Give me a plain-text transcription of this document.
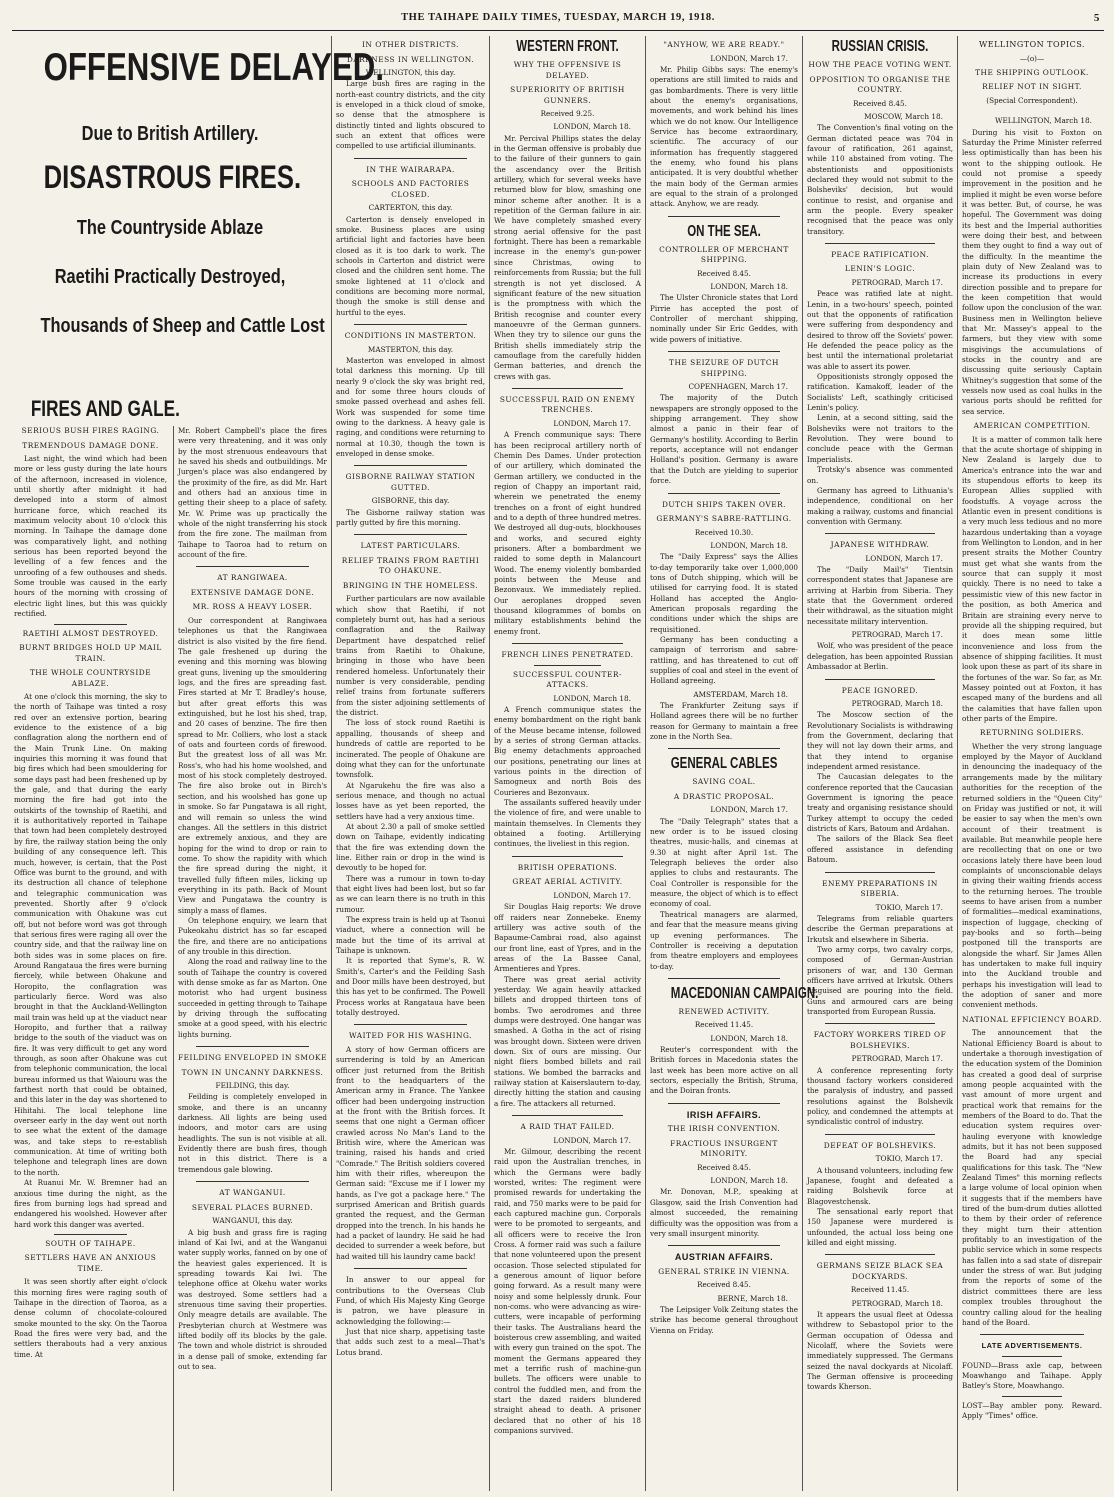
THE TAIHAPE DAILY TIMES, TUESDAY, MARCH 19, 1918.	5
OFFENSIVE DELAYED.
Due to British Artillery.
DISASTROUS FIRES.
The Countryside Ablaze
Raetihi Practically Destroyed,
Thousands of Sheep and Cattle Lost
FIRES AND GALE.
SERIOUS BUSH FIRES RAGING.
TREMENDOUS DAMAGE DONE.

Last night, the wind which had been more or less gusty during the late hours of the afternoon, increased in violence, until shortly after midnight it had developed into a storm of almost hurricane force, which reached its maximum velocity about 10 o'clock this morning. In Taihape the damage done was comparatively light, and nothing serious has been reported beyond the levelling of a few fences and the unroofing of a few outhouses and sheds. Some trouble was caused in the early hours of the morning with crossing of electric light lines, but this was quickly rectified.

RAETIHI ALMOST DESTROYED.
BURNT BRIDGES HOLD UP MAIL TRAIN.
THE WHOLE COUNTRYSIDE ABLAZE.

At one o'clock this morning, the sky to the north of Taihape was tinted a rosy red over an extensive portion, bearing evidence to the existence of a big conflagration along the northern end of the Main Trunk Line. On making inquiries this morning it was found that big fires which had been smouldering for some days past had been freshened up by the gale, and that during the early morning the fire had got into the outskirts of the township of Raetihi, and it is authoritatively reported in Taihape that town had been completely destroyed by fire, the railway station being the only building of any consequence left. This much, however, is certain, that the Post Office was burnt to the ground, and with its destruction all chance of telephone and telegraphic communication was prevented. Shortly after 9 o'clock communication with Ohakune was cut off, but not before word was got through that serious fires were raging all over the country side, and that the railway line on both sides was in some places on fire. Around Rangataua the fires were burning fiercely, while between Ohakune and Horopito, the conflagration was particularly fierce. Word was also brought in that the Auckland-Wellington mail train was held up at the viaduct near Horopito, and further that a railway bridge to the south of the viaduct was on fire. It was very difficult to get any word through, as soon after Ohakune was cut from telephonic communication, the local bureau informed us that Waiouru was the farthest north that could be obtained, and this later in the day was shortened to Hihitahi. The local telephone line overseer early in the day went out north to see what the extent of the damage was, and take steps to re-establish communication. At time of writing both telephone and telegraph lines are down to the north.

At Ruanui Mr. W. Bremner had an anxious time during the night, as the fires from burning logs had spread and endangered his woolshed. However after hard work this danger was averted.

SOUTH OF TAIHAPE.
SETTLERS HAVE AN ANXIOUS TIME.

It was seen shortly after eight o'clock this morning fires were raging south of Taihape in the direction of Taoroa, as a dense column of chocolate-coloured smoke mounted to the sky. On the Taoroa Road the fires were very bad, and the settlers therabouts had a very anxious time. At

Mr. Robert Campbell's place the fires were very threatening, and it was only by the most strenuous endeavours that he saved his sheds and outbuildings. Mr Jurgen's place was also endangered by the proximity of the fire, as did Mr. Hart and others had an anxious time in getting their sheep to a place of safety. Mr. W. Prime was up practically the whole of the night transferring his stock from the fire zone. The mailman from Taihape to Taoroa had to return on account of the fire.

AT RANGIWAEA.
EXTENSIVE DAMAGE DONE.
MR. ROSS A HEAVY LOSER.

Our correspondent at Rangiwaea telephones us that the Rangiwaea district is also visited by the fire fiend. The gale freshened up during the evening and this morning was blowing great guns, livening up the smouldering logs, and the fires are spreading fast. Fires started at Mr T. Bradley's house, but after great efforts this was extinguished, but he lost his shed, trap, and 20 cases of benzine. The fire then spread to Mr. Colliers, who lost a stack of oats and fourteen cords of firewood. But the greatest loss of all was Mr. Ross's, who had his home woolshed, and most of his stock completely destroyed. The fire also broke out in Birch's section, and his woolshed has gone up in smoke. So far Pungatawa is all right, and will remain so unless the wind changes. All the settlers in this district are extremely anxious, and they are hoping for the wind to drop or rain to come. To show the rapidity with which the fire spread during the night, it travelled fully fifteen miles, licking up everything in its path. Back of Mount View and Pungatawa the country is simply a mass of flames.

On telephone enquiry, we learn that Pukeokahu district has so far escaped the fire, and there are no anticipations of any trouble in this direction.

Along the road and railway line to the south of Taihape the country is covered with dense smoke as far as Marton. One motorist who had urgent business succeeded in getting through to Taihape by driving through the suffocating smoke at a good speed, with his electric lights burning.

FEILDING ENVELOPED IN SMOKE
TOWN IN UNCANNY DARKNESS.
FEILDING, this day.

Feilding is completely enveloped in smoke, and there is an uncanny darkness. All lights are being used indoors, and motor cars are using headlights. The sun is not visible at all. Evidently there are bush fires, though not in this district. There is a tremendous gale blowing.

AT WANGANUI.
SEVERAL PLACES BURNED.
WANGANUI, this day.

A big bush and grass fire is raging inland of Kai Iwi, and at the Wanganui water supply works, fanned on by one of the heaviest gales experienced. It is spreading towards Kai Iwi. The telephone office at Okehu water works was destroyed. Some settlers had a strenuous time saving their properties. Only meagre details are available. The Presbyterian church at Westmere was lifted bodily off its blocks by the gale. The town and whole district is shrouded in a dense pall of smoke, extending far out to sea.

IN OTHER DISTRICTS.
DARKNESS IN WELLINGTON.
WELLINGTON, this day.

Large bush fires are raging in the north-east country districts, and the city is enveloped in a thick cloud of smoke, so dense that the atmosphere is distinctly tinted and lights obscured to such an extent that offices were compelled to use artificial illuminants.

IN THE WAIRARAPA.
SCHOOLS AND FACTORIES CLOSED.
CARTERTON, this day.

Carterton is densely enveloped in smoke. Business places are using artificial light and factories have been closed as it is too dark to work. The schools in Carterton and district were closed and the children sent home. The smoke lightened at 11 o'clock and conditions are becoming more normal, though the smoke is still dense and hurtful to the eyes.

CONDITIONS IN MASTERTON.
MASTERTON, this day.

Masterton was enveloped in almost total darkness this morning. Up till nearly 9 o'clock the sky was bright red, and for some three hours clouds of smoke passed overhead and ashes fell. Work was suspended for some time owing to the darkness. A heavy gale is raging, and conditions were returning to normal at 10.30, though the town is enveloped in dense smoke.

GISBORNE RAILWAY STATION GUTTED.
GISBORNE, this day.

The Gisborne railway station was partly gutted by fire this morning.

LATEST PARTICULARS.
RELIEF TRAINS FROM RAETIHI TO OHAKUNE.
BRINGING IN THE HOMELESS.

Further particulars are now available which show that Raetihi, if not completely burnt out, has had a serious conflagration and the Railway Department have despatched relief trains from Raetihi to Ohakune, bringing in those who have been rendered homeless. Unfortunately their number is very considerable, pending relief trains from fortunate sufferers from the sister adjoining settlements of the district.

The loss of stock round Raetihi is appalling, thousands of sheep and hundreds of cattle are reported to be incinerated. The people of Ohakune are doing what they can for the unfortunate townsfolk.

At Ngarukehu the fire was also a serious menace, and though no actual losses have as yet been reported, the settlers have had a very anxious time.

At about 2.30 a pall of smoke settled down on Taihape, evidently indicating that the fire was extending down the line. Either rain or drop in the wind is devoutly to be hoped for.

There was a rumour in town to-day that eight lives had been lost, but so far as we can learn there is no truth in this rumour.

The express train is held up at Taonui viaduct, where a connection will be made but the time of its arrival at Taihape is unknown.

It is reported that Syme's, R. W. Smith's, Carter's and the Feilding Sash and Door mills have been destroyed, but this has yet to be confirmed. The Powell Process works at Rangataua have been totally destroyed.

WAITED FOR HIS WASHING.

A story of how German officers are surrendering is told by an American officer just returned from the British front to the headquarters of the American army in France. The Yankee officer had been undergoing instruction at the front with the British forces. It seems that one night a German officer crawled across No Man's Land to the British wire, where the American was training, raised his hands and cried "Comrade." The British soldiers covered him with their rifles, whereupon the German said: "Excuse me if I lower my hands, as I've got a package here." The surprised American and British guards granted the request, and the German dropped into the trench. In his hands he had a packet of laundry. He said he had decided to surrender a week before, but had waited till his laundry came back!

In answer to our appeal for contributions to the Overseas Club Fund, of which His Majesty King George is patron, we have pleasure in acknowledging the following:—

Just that nice sharp, appetising taste that adds such zest to a meal—That's Lotus brand.

WESTERN FRONT.
WHY THE OFFENSIVE IS DELAYED.
SUPERIORITY OF BRITISH GUNNERS.
Received 9.25.
LONDON, March 18.

Mr. Percival Phillips states the delay in the German offensive is probably due to the failure of their gunners to gain the ascendancy over the British artillery, which for several weeks have returned blow for blow, smashing one minor scheme after another. It is a repetition of the German failure in air. We have completely smashed every strong aerial offensive for the past fortnight. There has been a remarkable increase in the enemy's gun-power since Christmas, owing to reinforcements from Russia; but the full strength is not yet disclosed. A significant feature of the new situation is the promptness with which the British recognise and counter every manoeuvre of the German gunners. When they try to silence our guns the British shells immediately strip the camouflage from the carefully hidden German batteries, and drench the crews with gas.

SUCCESSFUL RAID ON ENEMY TRENCHES.
LONDON, March 17.

A French communique says: There has been reciprocal artillery north of Chemin Des Dames. Under protection of our artillery, which dominated the German artillery, we conducted in the region of Chappy an important raid, wherein we penetrated the enemy trenches on a front of eight hundred and to a depth of three hundred metres. We destroyed all dug-outs, blockhouses and works, and secured eighty prisoners. After a bombardment we raided to some depth in Malancourt Wood. The enemy violently bombarded points between the Meuse and Bezonvaux. We immediately replied. Our aeroplanes dropped seven thousand kilogrammes of bombs on military establishments behind the enemy front.

FRENCH LINES PENETRATED.
SUCCESSFUL COUNTER-ATTACKS.
LONDON, March 18.

A French communique states the enemy bombardment on the right bank of the Meuse became intense, followed by a series of strong German attacks. Big enemy detachments approached our positions, penetrating our lines at various points in the direction of Samogneux and north Bois des Courieres and Bezonvaux.

The assailants suffered heavily under the violence of fire, and were unable to maintain themselves. In Clements they obtained a footing. Artillerying continues, the liveliest in this region.

BRITISH OPERATIONS.
GREAT AERIAL ACTIVITY.
LONDON, March 17.

Sir Douglas Haig reports: We drove off raiders near Zonnebeke. Enemy artillery was active south of the Bapaume-Cambrai road, also against our front line, east of Ypres, and in the areas of the La Bassee Canal, Armentieres and Ypres.

There was great aerial activity yesterday. We again heavily attacked billets and dropped thirteen tons of bombs. Two aerodromes and three dumps were destroyed. One hangar was smashed. A Gotha in the act of rising was brought down. Sixteen were driven down. Six of ours are missing. Our night fliers bombed billets and rail stations. We bombed the barracks and railway station at Kaiserslautern to-day, directly hitting the station and causing a fire. The attackers all returned.

A RAID THAT FAILED.
LONDON, March 17.

Mr. Gilmour, describing the recent raid upon the Australian trenches, in which the Germans were badly worsted, writes: The regiment were promised rewards for undertaking the raid, and 750 marks were to be paid for each captured machine gun. Corporals were to be promoted to sergeants, and all officers were to receive the Iron Cross. A former raid was such a failure that none volunteered upon the present occasion. Those selected stipulated for a generous amount of liquor before going forward. As a result many were noisy and some helplessly drunk. Four non-coms. who were advancing as wire-cutters, were incapable of performing their tasks. The Australians heard the boisterous crew assembling, and waited with every gun trained on the spot. The moment the Germans appeared they met a terrific rush of machine-gun bullets. The officers were unable to control the fuddled men, and from the start the dazed raiders blundered straight ahead to death. A prisoner declared that no other of his 18 companions survived.

"ANYHOW, WE ARE READY."
LONDON, March 17.

Mr. Philip Gibbs says: The enemy's operations are still limited to raids and gas bombardments. There is very little about the enemy's organisations, movements, and work behind his lines which we do not know. Our Intelligence Service has become extraordinary, scientific. The accuracy of our information has frequently staggered the enemy, who found his plans anticipated. It is very doubtful whether the main body of the German armies are equal to the strain of a prolonged attack. Anyhow, we are ready.

ON THE SEA.
CONTROLLER OF MERCHANT SHIPPING.
Received 8.45.
LONDON, March 18.

The Ulster Chronicle states that Lord Pirrie has accepted the post of Controller of merchant shipping, nominally under Sir Eric Geddes, with wide powers of initiative.

THE SEIZURE OF DUTCH SHIPPING.
COPENHAGEN, March 17.

The majority of the Dutch newspapers are strongly opposed to the shipping arrangement. They show almost a panic in their fear of Germany's hostility. According to Berlin reports, acceptance will not endanger Holland's position. Germany is aware that the Dutch are yielding to superior force.

DUTCH SHIPS TAKEN OVER.
GERMANY'S SABRE-RATTLING.
Received 10.30.
LONDON, March 18.

The "Daily Express" says the Allies to-day temporarily take over 1,000,000 tons of Dutch shipping, which will be utilised for carrying food. It is stated Holland has accepted the Anglo-American proposals regarding the conditions under which the ships are requisitioned.

Germany has been conducting a campaign of terrorism and sabre-rattling, and has threatened to cut off supplies of coal and steel in the event of Holland agreeing.

AMSTERDAM, March 18.

The Frankfurter Zeitung says if Holland agrees there will be no further reason for Germany to maintain a free zone in the North Sea.

GENERAL CABLES
SAVING COAL.
A DRASTIC PROPOSAL.
LONDON, March 17.

The "Daily Telegraph" states that a new order is to be issued closing theatres, music-halls, and cinemas at 9.30 at night after April 1st. The Telegraph believes the order also applies to clubs and restaurants. The Coal Controller is responsible for the measure, the object of which is to effect economy of coal.

Theatrical managers are alarmed, and fear that the measure means giving up evening performances. The Controller is receiving a deputation from theatre employers and employees to-day.

MACEDONIAN CAMPAIGN.
RENEWED ACTIVITY.
Received 11.45.
LONDON, March 18.

Reuter's correspondent with the British forces in Macedonia states the last week has been more active on all sectors, especially the British, Struma, and the Doiran fronts.

IRISH AFFAIRS.
THE IRISH CONVENTION.
FRACTIOUS INSURGENT MINORITY.
Received 8.45.
LONDON, March 18.

Mr. Donovan, M.P., speaking at Glasgow, said the Irish Convention had almost succeeded, the remaining difficulty was the opposition was from a very small insurgent minority.

AUSTRIAN AFFAIRS.
GENERAL STRIKE IN VIENNA.
Received 8.45.
BERNE, March 18.

The Leipsiger Volk Zeitung states the strike has become general throughout Vienna on Friday.

RUSSIAN CRISIS.
HOW THE PEACE VOTING WENT.
OPPOSITION TO ORGANISE THE COUNTRY.
Received 8.45.
MOSCOW, March 18.

The Convention's final voting on the German dictated peace was 704 in favour of ratification, 261 against, while 110 abstained from voting. The abstentionists and oppositionists declared they would not submit to the Bolsheviks' decision, but would continue to resist, and organise and arm the people. Every speaker recognised that the peace was only transitory.

PEACE RATIFICATION.
LENIN'S LOGIC.
PETROGRAD, March 17.

Peace was ratified late at night. Lenin, in a two-hours' speech, pointed out that the opponents of ratification were suffering from despondency and desired to throw off the Soviets' power. He defended the peace policy as the best until the international proletariat was able to assert its power.

Oppositionists strongly opposed the ratification. Kamakoff, leader of the Socialists' Left, scathingly criticised Lenin's policy.

Lenin, at a second sitting, said the Bolsheviks were not traitors to the Revolution. They were bound to conclude peace with the German Imperialists.

Trotsky's absence was commented on.

Germany has agreed to Lithuania's independence, conditional on her making a railway, customs and financial convention with Germany.

JAPANESE WITHDRAW.
LONDON, March 17.

The "Daily Mail's" Tientsin correspondent states that Japanese are arriving at Harbin from Siberia. They state that the Government ordered their withdrawal, as the situation might necessitate military intervention.

PETROGRAD, March 17.

Wolf, who was president of the peace delegation, has been appointed Russian Ambassador at Berlin.

PEACE IGNORED.
PETROGRAD, March 18.

The Moscow section of the Revolutionary Socialists is withdrawing from the Government, declaring that they will not lay down their arms, and that they intend to organise independent armed resistance.

The Caucasian delegates to the conference reported that the Caucasian Government is ignoring the peace treaty and organising resistance should Turkey attempt to occupy the ceded districts of Kars, Batoum and Ardahan.

The sailors of the Black Sea fleet offered assistance in defending Batoum.

ENEMY PREPARATIONS IN SIBERIA.
TOKIO, March 17.

Telegrams from reliable quarters describe the German preparations at Irkutsk and elsewhere in Siberia.

Two army corps, two cavalry corps, composed of German-Austrian prisoners of war, and 130 German officers have arrived at Irkutsk. Others disguised are pouring into the field. Guns and armoured cars are being transported from European Russia.

FACTORY WORKERS TIRED OF BOLSHEVIKS.
PETROGRAD, March 17.

A conference representing forty thousand factory workers considered the paralysis of industry, and passed resolutions against the Bolshevik policy, and condemned the attempts at syndicalistic control of industry.

DEFEAT OF BOLSHEVIKS.
TOKIO, March 17.

A thousand volunteers, including few Japanese, fought and defeated a raiding Bolshevik force at Blagovestchensk.

The sensational early report that 150 Japanese were murdered is unfounded, the actual loss being one killed and eight missing.

GERMANS SEIZE BLACK SEA DOCKYARDS.
Received 11.45.
PETROGRAD, March 18.

It appears the usual fleet at Odessa withdrew to Sebastopol prior to the German occupation of Odessa and Nicolaff, where the Soviets were immediately suppressed. The Germans seized the naval dockyards at Nicolaff. The German offensive is proceeding towards Kherson.

WELLINGTON TOPICS.
—(o)—
THE SHIPPING OUTLOOK.
RELIEF NOT IN SIGHT.
(Special Correspondent).
WELLINGTON, March 18.

During his visit to Foxton on Saturday the Prime Minister referred less optimistically than has been his wont to the shipping outlook. He could not promise a speedy improvement in the position and he implied it might be even worse before it was better. But, of course, he was hopeful. The Government was doing its best and the Imperial authorities were doing their best, and between them they ought to find a way out of the difficulty. In the meantime the plain duty of New Zealand was to increase its productions in every direction possible and to prepare for the keen competition that would follow upon the conclusion of the war. Business men in Wellington believe that Mr. Massey's appeal to the farmers, but they view with some misgivings the accumulations of stocks in the country and are discussing quite seriously Captain Whitney's suggestion that some of the vessels now used as coal hulks in the various ports should be refitted for sea service.

AMERICAN COMPETITION.

It is a matter of common talk here that the acute shortage of shipping in New Zealand is largely due to America's entrance into the war and its stupendous efforts to keep its European Allies supplied with foodstuffs. A voyage across the Atlantic even in present conditions is a very much less tedious and no more hazardous undertaking than a voyage from Wellington to London, and in her present straits the Mother Country must get what she wants from the source that can supply it most quickly. There is no need to take a pessimistic view of this new factor in the position, as both America and Britain are straining every nerve to provide all the shipping required, but it does mean some little inconvenience and loss from the absence of shipping facilities. It must look upon these as part of its share in the fortunes of the war. So far, as Mr. Massey pointed out at Foxton, it has escaped many of the burdens and all the calamities that have fallen upon other parts of the Empire.

RETURNING SOLDIERS.

Whether the very strong language employed by the Mayor of Auckland in denouncing the inadequacy of the arrangements made by the military authorities for the reception of the returned soldiers in the "Queen City" on Friday was justified or not, it will be easier to say when the men's own account of their treatment is available. But meanwhile people here are recollecting that on one or two occasions lately there have been loud complaints of unconscionable delays in giving their waiting friends access to the returning heroes. The trouble seems to have arisen from a number of formalities—medical examinations, inspection of luggage, checking of pay-books and so forth—being postponed till the transports are alongside the wharf. Sir James Allen has undertaken to make full inquiry into the Auckland trouble and perhaps his investigation will lead to the adoption of saner and more convenient methods.

NATIONAL EFFICIENCY BOARD.

The announcement that the National Efficiency Board is about to undertake a thorough investigation of the education system of the Dominion has created a good deal of surprise among people acquainted with the vast amount of more urgent and practical work that remains for the members of the Board to do. That the education system requires over-hauling everyone with knowledge admits, but it has not been supposed the Board had any special qualifications for this task. The "New Zealand Times" this morning reflects a large volume of local opinion when it suggests that if the members have tired of the bum-drum duties allotted to them by their order of reference they might turn their attention profitably to an investigation of the public service which in some respects has fallen into a sad state of disrepair under the stress of war. But judging from the reports of some of the district committees there are less complex troubles throughout the country calling aloud for the healing hand of the Board.

LATE ADVERTISEMENTS.

FOUND—Brass axle cap, between Moawhango and Taihape. Apply Batley's Store, Moawhango.

LOST—Bay ambler pony. Reward. Apply "Times" office.
